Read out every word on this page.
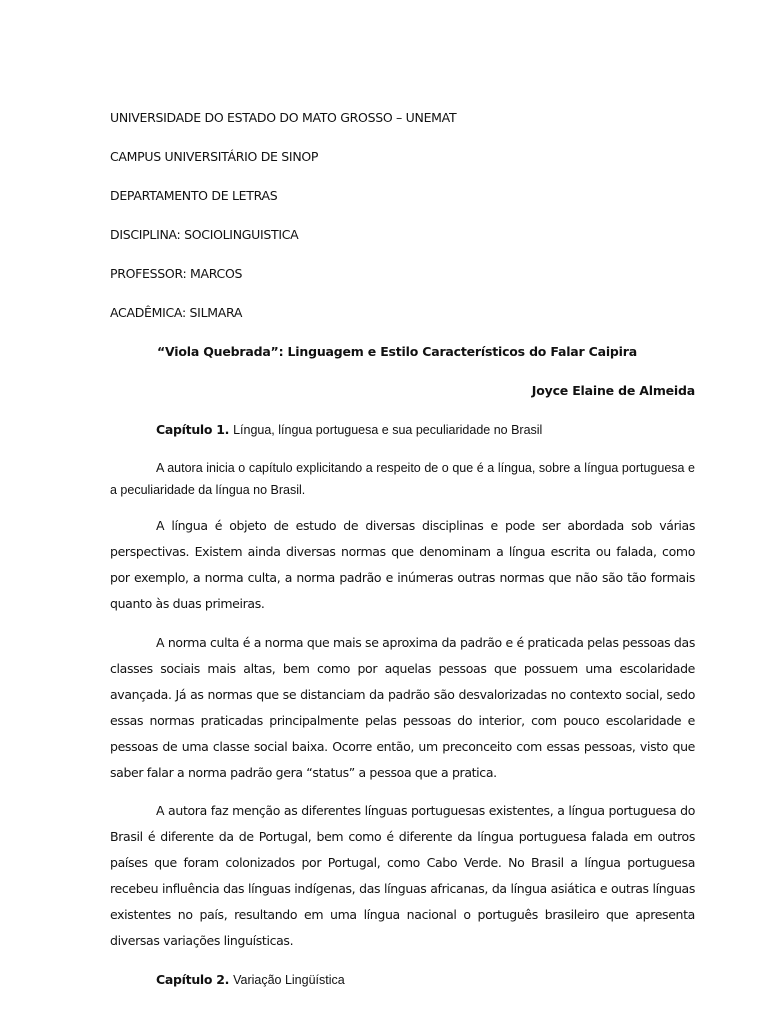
UNIVERSIDADE DO ESTADO DO MATO GROSSO – UNEMAT
CAMPUS UNIVERSITÁRIO DE SINOP
DEPARTAMENTO DE LETRAS
DISCIPLINA: SOCIOLINGUISTICA
PROFESSOR: MARCOS
ACADÊMICA: SILMARA
“Viola Quebrada”: Linguagem e Estilo Característicos do Falar Caipira
Joyce Elaine de Almeida
Capítulo 1. Língua, língua portuguesa e sua peculiaridade no Brasil

A autora inicia o capítulo explicitando a respeito de o que é a língua, sobre a língua portuguesa e a peculiaridade da língua no Brasil.

A língua é objeto de estudo de diversas disciplinas e pode ser abordada sob várias perspectivas. Existem ainda diversas normas que denominam a língua escrita ou falada, como por exemplo, a norma culta, a norma padrão e inúmeras outras normas que não são tão formais quanto às duas primeiras.

A norma culta é a norma que mais se aproxima da padrão e é praticada pelas pessoas das classes sociais mais altas, bem como por aquelas pessoas que possuem uma escolaridade avançada. Já as normas que se distanciam da padrão são desvalorizadas no contexto social, sedo essas normas praticadas principalmente pelas pessoas do interior, com pouco escolaridade e pessoas de uma classe social baixa. Ocorre então, um preconceito com essas pessoas, visto que saber falar a norma padrão gera “status” a pessoa que a pratica.

A autora faz menção as diferentes línguas portuguesas existentes, a língua portuguesa do Brasil é diferente da de Portugal, bem como é diferente da língua portuguesa falada em outros países que foram colonizados por Portugal, como Cabo Verde. No Brasil a língua portuguesa recebeu influência das línguas indígenas, das línguas africanas, da língua asiática e outras línguas existentes no país, resultando em uma língua nacional o português brasileiro que apresenta diversas variações linguísticas.

Capítulo 2. Variação Lingüística
